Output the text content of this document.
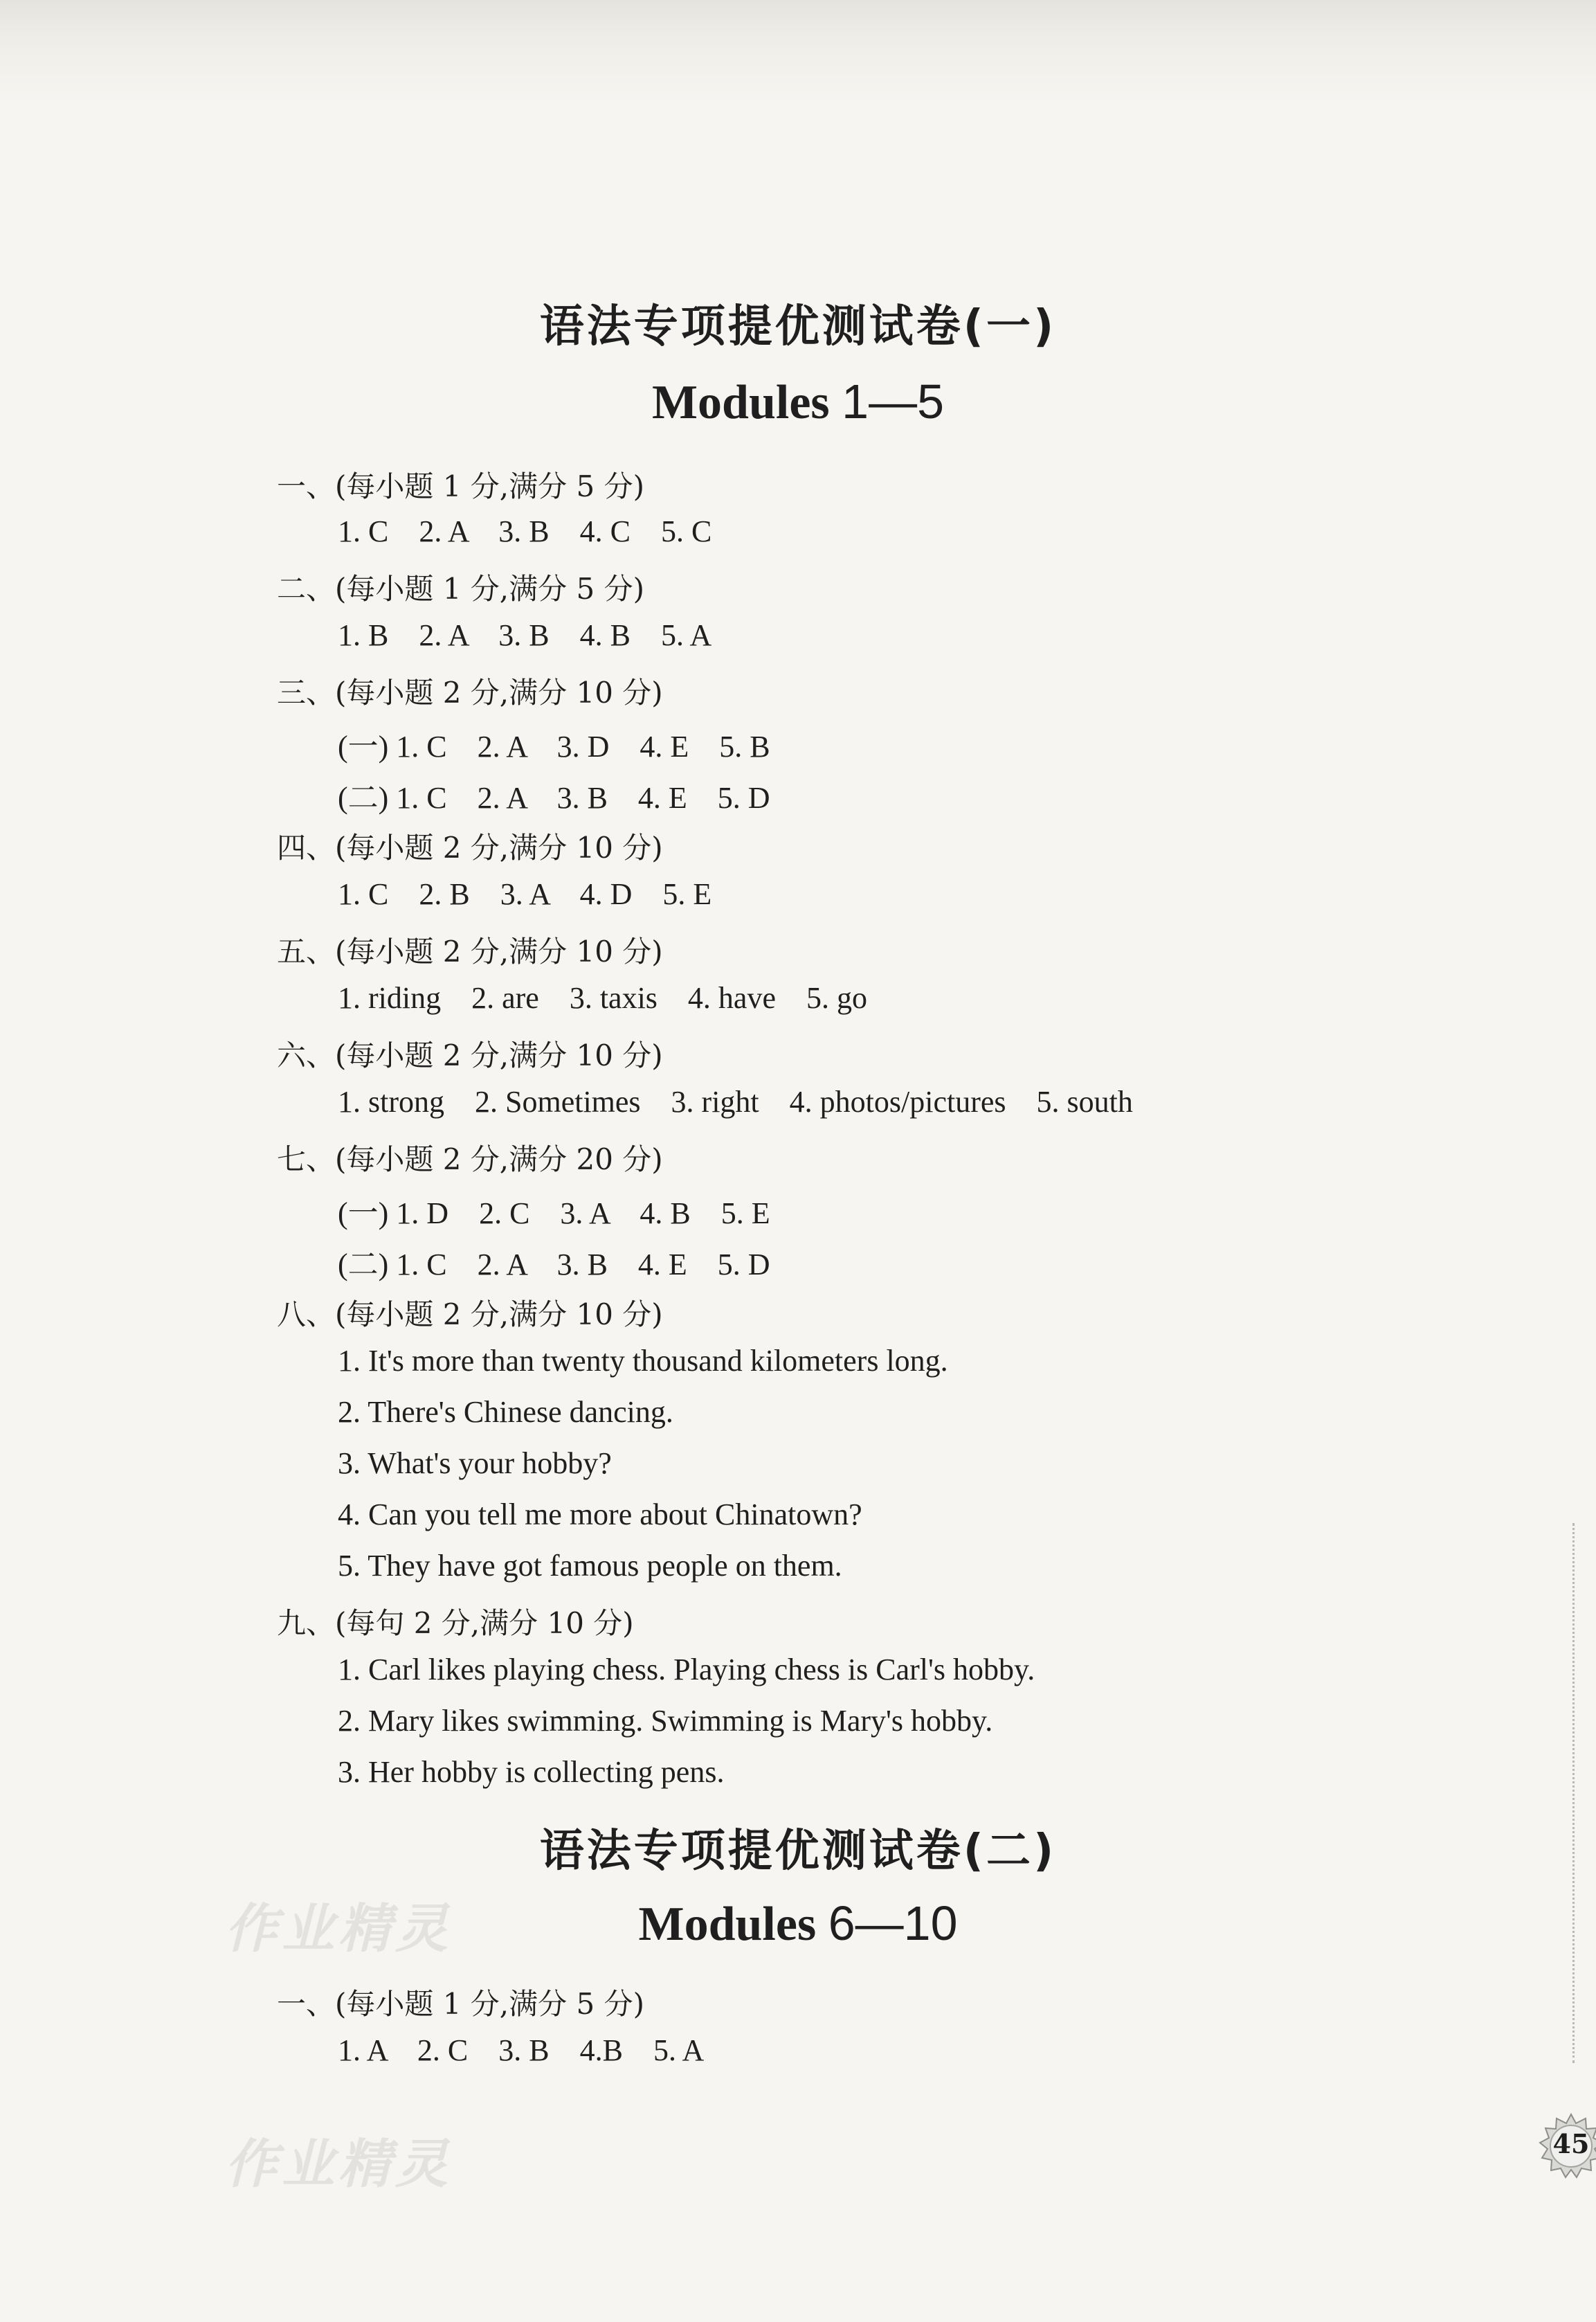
语法专项提优测试卷(一)
Modules 1—5
一、(每小题 1 分,满分 5 分)
1. C    2. A    3. B    4. C    5. C
二、(每小题 1 分,满分 5 分)
1. B    2. A    3. B    4. B    5. A
三、(每小题 2 分,满分 10 分)
(一) 1. C    2. A    3. D    4. E    5. B
(二) 1. C    2. A    3. B    4. E    5. D
四、(每小题 2 分,满分 10 分)
1. C    2. B    3. A    4. D    5. E
五、(每小题 2 分,满分 10 分)
1. riding    2. are    3. taxis    4. have    5. go
六、(每小题 2 分,满分 10 分)
1. strong    2. Sometimes    3. right    4. photos/pictures    5. south
七、(每小题 2 分,满分 20 分)
(一) 1. D    2. C    3. A    4. B    5. E
(二) 1. C    2. A    3. B    4. E    5. D
八、(每小题 2 分,满分 10 分)
1. It's more than twenty thousand kilometers long.
2. There's Chinese dancing.
3. What's your hobby?
4. Can you tell me more about Chinatown?
5. They have got famous people on them.
九、(每句 2 分,满分 10 分)
1. Carl likes playing chess. Playing chess is Carl's hobby.
2. Mary likes swimming. Swimming is Mary's hobby.
3. Her hobby is collecting pens.
语法专项提优测试卷(二)
Modules 6—10
一、(每小题 1 分,满分 5 分)
1. A    2. C    3. B    4.B    5. A
作业精灵
作业精灵	45
